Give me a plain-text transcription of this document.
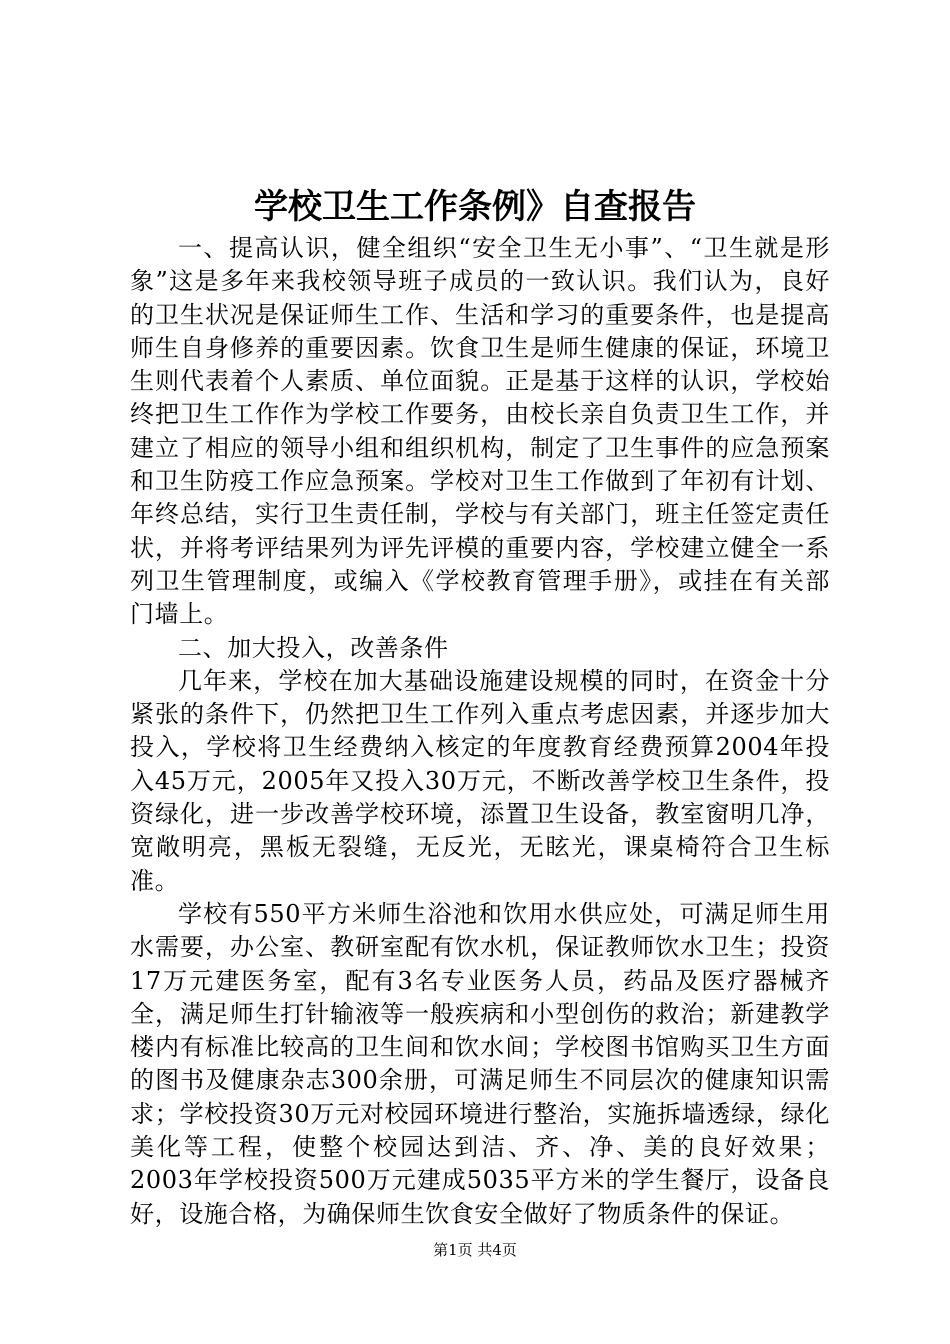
学校卫生工作条例》自查报告

一、提高认识，健全组织“安全卫生无小事”、“卫生就是形象”这是多年来我校领导班子成员的一致认识。我们认为，良好的卫生状况是保证师生工作、生活和学习的重要条件，也是提高师生自身修养的重要因素。饮食卫生是师生健康的保证，环境卫生则代表着个人素质、单位面貌。正是基于这样的认识，学校始终把卫生工作作为学校工作要务，由校长亲自负责卫生工作，并建立了相应的领导小组和组织机构，制定了卫生事件的应急预案和卫生防疫工作应急预案。学校对卫生工作做到了年初有计划、年终总结，实行卫生责任制，学校与有关部门，班主任签定责任状，并将考评结果列为评先评模的重要内容，学校建立健全一系列卫生管理制度，或编入《学校教育管理手册》，或挂在有关部门墙上。

二、加大投入，改善条件

几年来，学校在加大基础设施建设规模的同时，在资金十分紧张的条件下，仍然把卫生工作列入重点考虑因素，并逐步加大投入，学校将卫生经费纳入核定的年度教育经费预算2004年投入45万元，2005年又投入30万元，不断改善学校卫生条件，投资绿化，进一步改善学校环境，添置卫生设备，教室窗明几净，宽敞明亮，黑板无裂缝，无反光，无眩光，课桌椅符合卫生标准。

学校有550平方米师生浴池和饮用水供应处，可满足师生用水需要，办公室、教研室配有饮水机，保证教师饮水卫生；投资17万元建医务室，配有3名专业医务人员，药品及医疗器械齐全，满足师生打针输液等一般疾病和小型创伤的救治；新建教学楼内有标准比较高的卫生间和饮水间；学校图书馆购买卫生方面的图书及健康杂志300余册，可满足师生不同层次的健康知识需求；学校投资30万元对校园环境进行整治，实施拆墙透绿，绿化美化等工程，使整个校园达到洁、齐、净、美的良好效果；2003年学校投资500万元建成5035平方米的学生餐厅，设备良好，设施合格，为确保师生饮食安全做好了物质条件的保证。

第1页 共4页
